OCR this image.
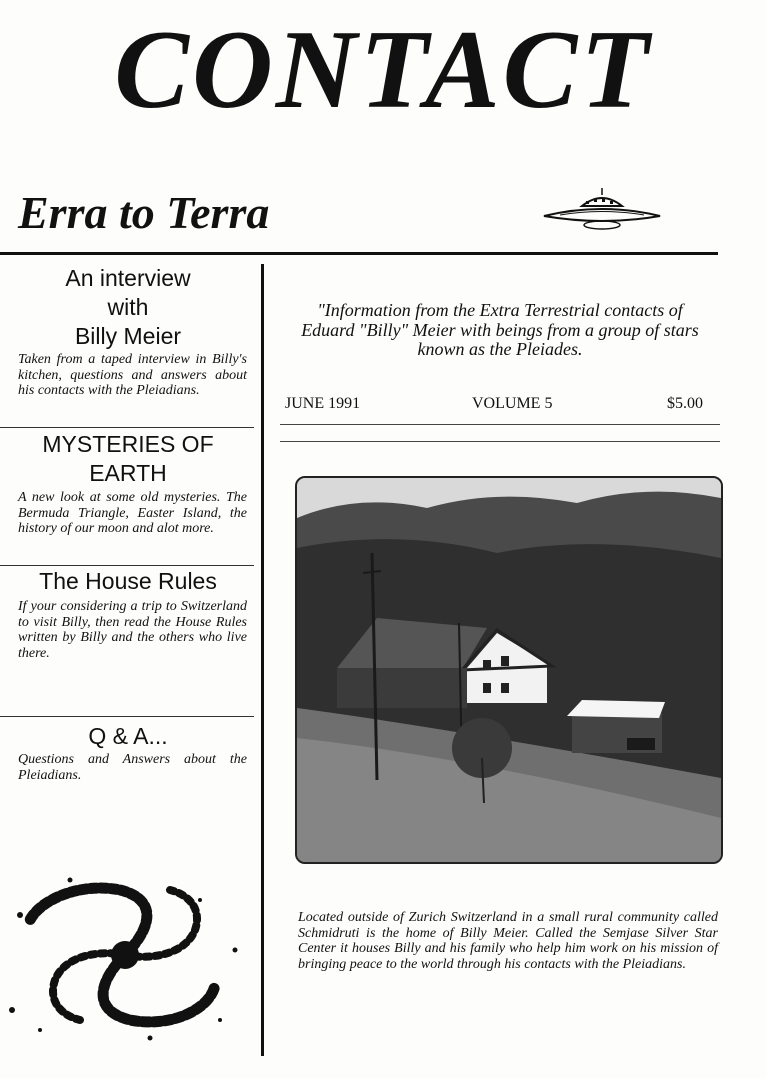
CONTACT
Erra to Terra
An interview
with
Billy Meier
Taken from a taped interview in Billy's kitchen, questions and answers about his contacts with the Pleiadians.
MYSTERIES OF
EARTH
A new look at some old mysteries. The Bermuda Triangle, Easter Island, the history of our moon and alot more.
The House Rules
If your considering a trip to Switzerland to visit Billy, then read the House Rules written by Billy and the others who live there.
Q & A...
Questions and Answers about the Pleiadians.
"Information from the Extra Terrestrial contacts of Eduard "Billy" Meier with beings from a group of stars known as the Pleiades.
JUNE 1991	VOLUME 5	$5.00
Located outside of Zurich Switzerland in a small rural community called Schmidruti is the home of Billy Meier. Called the Semjase Silver Star Center it houses Billy and his family who help him work on his mission of bringing peace to the world through his contacts with the Pleiadians.
